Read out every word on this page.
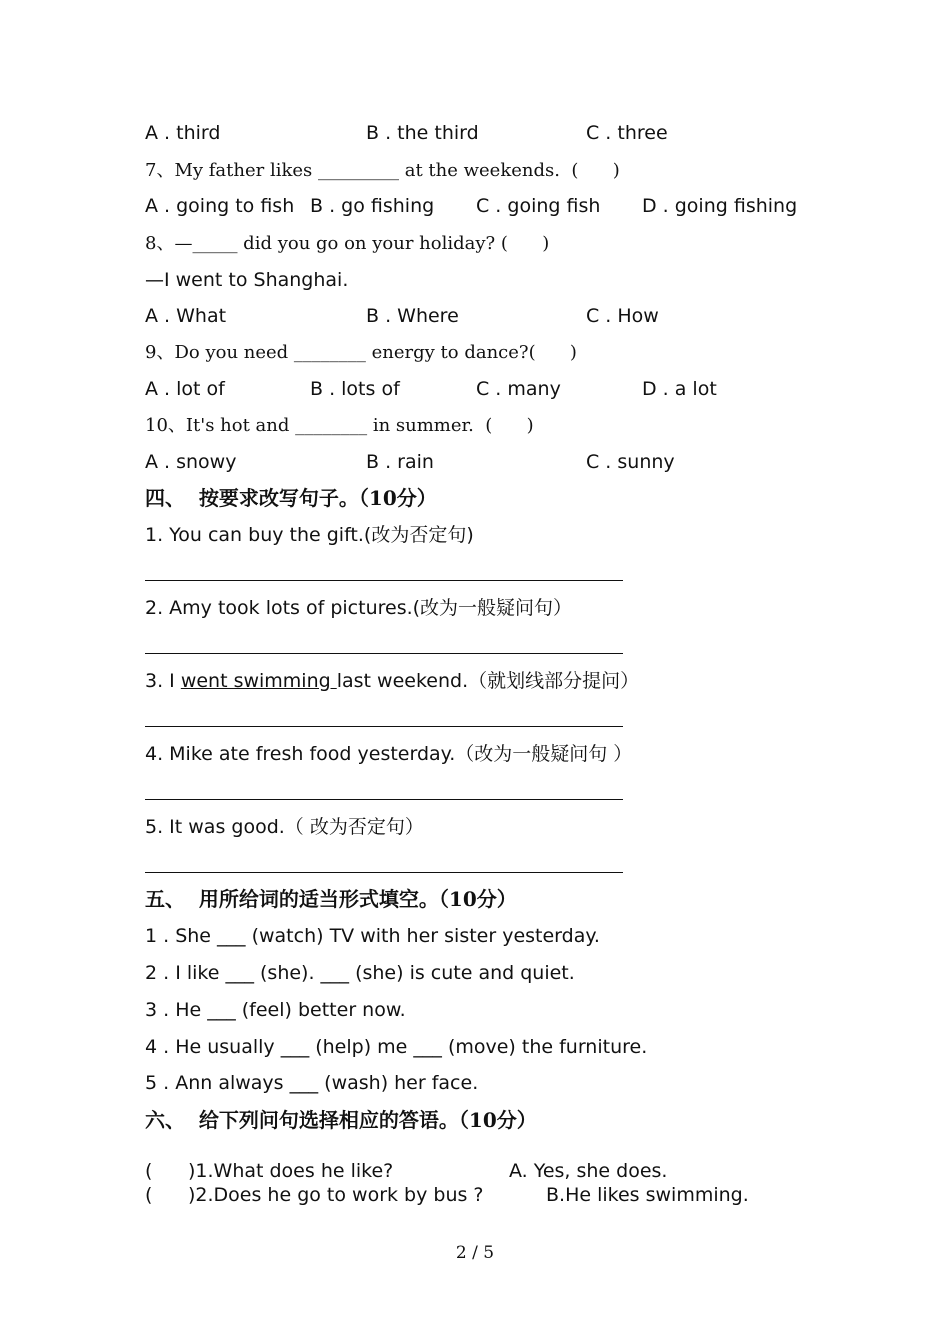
A . third	B . the third	C . three
7、My father likes _________ at the weekends.  (      )
A . going to fish B . go fishing C . going fish D . going fishing
8、—_____ did you go on your holiday? (      )
—I went to Shanghai.
A . What	B . Where	C . How
9、Do you need ________ energy to dance?(      )
A . lot of	B . lots of	C . many	D . a lot
10、It's hot and ________ in summer.  (      )
A . snowy	B . rain	C . sunny
四、  按要求改写句子。（10分）
1. You can buy the gift.(改为否定句)
2. Amy took lots of pictures.(改为一般疑问句）
3. I went swimming last weekend.（就划线部分提问）
4. Mike ate fresh food yesterday.（改为一般疑问句 ）
5. It was good.（ 改为否定句）
五、  用所给词的适当形式填空。（10分）
1 . She ___ (watch) TV with her sister yesterday.
2 . I like ___ (she). ___ (she) is cute and quiet.
3 . He ___ (feel) better now.
4 . He usually ___ (help) me ___ (move) the furniture.
5 . Ann always ___ (wash) her face.
六、  给下列问句选择相应的答语。（10分）
( )1.What does he like?	A. Yes, she does.
( )2.Does he go to work by bus ?	B.He likes swimming.
2 / 5
